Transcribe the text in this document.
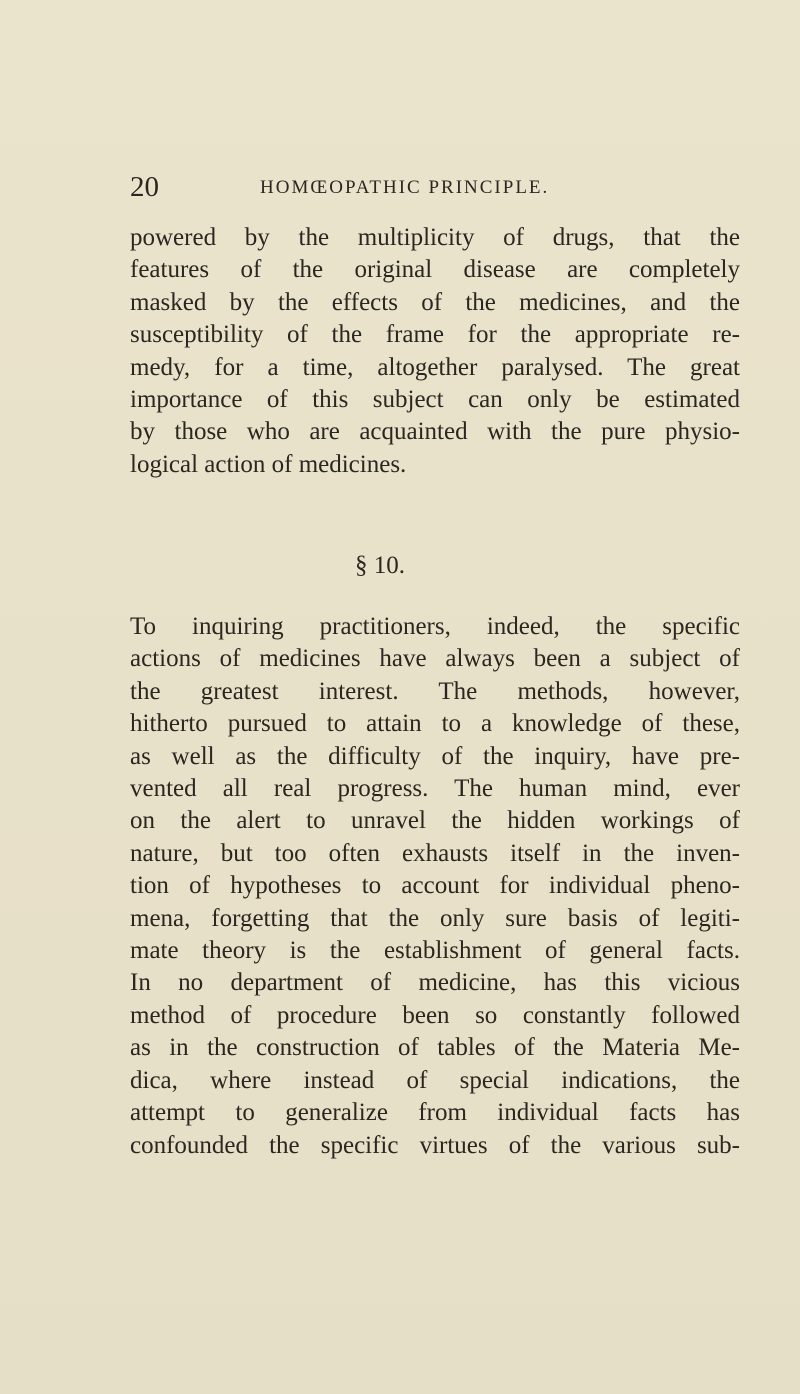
20	HOMŒOPATHIC PRINCIPLE.

powered by the multiplicity of drugs, that the
features of the original disease are completely
masked by the effects of the medicines, and the
susceptibility of the frame for the appropriate re-
medy, for a time, altogether paralysed. The great
importance of this subject can only be estimated
by those who are acquainted with the pure physio-
logical action of medicines.

§ 10.

To inquiring practitioners, indeed, the specific
actions of medicines have always been a subject of
the greatest interest. The methods, however,
hitherto pursued to attain to a knowledge of these,
as well as the difficulty of the inquiry, have pre-
vented all real progress. The human mind, ever
on the alert to unravel the hidden workings of
nature, but too often exhausts itself in the inven-
tion of hypotheses to account for individual pheno-
mena, forgetting that the only sure basis of legiti-
mate theory is the establishment of general facts.
In no department of medicine, has this vicious
method of procedure been so constantly followed
as in the construction of tables of the Materia Me-
dica, where instead of special indications, the
attempt to generalize from individual facts has
confounded the specific virtues of the various sub-
